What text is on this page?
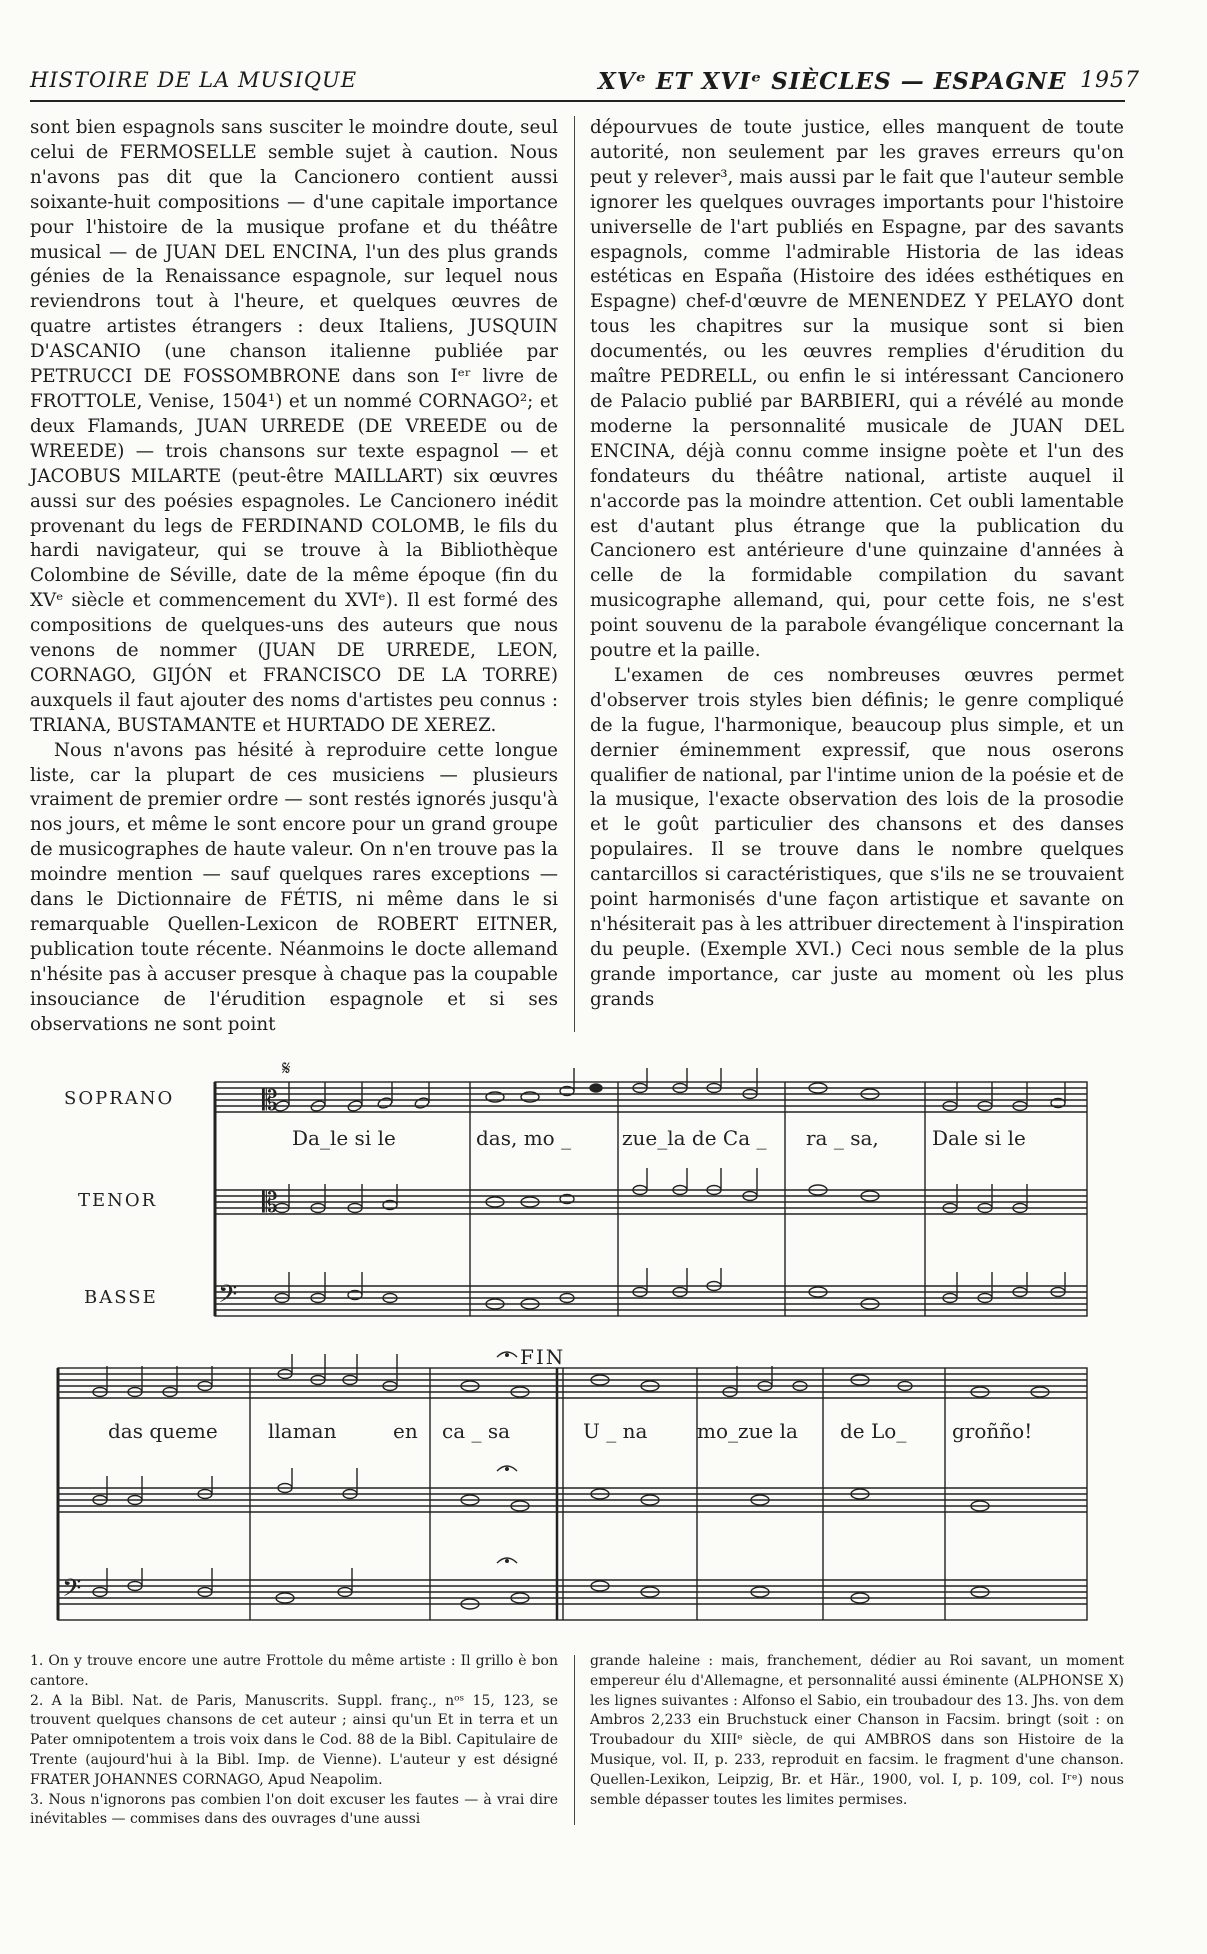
HISTOIRE DE LA MUSIQUE	XVᵉ ET XVIᵉ SIÈCLES — ESPAGNE 1957

sont bien espagnols sans susciter le moindre doute, seul celui de FERMOSELLE semble sujet à caution. Nous n'avons pas dit que la Cancionero contient aussi soixante-huit compositions — d'une capitale importance pour l'histoire de la musique profane et du théâtre musical — de JUAN DEL ENCINA, l'un des plus grands génies de la Renaissance espagnole, sur lequel nous reviendrons tout à l'heure, et quelques œuvres de quatre artistes étrangers : deux Italiens, JUSQUIN D'ASCANIO (une chanson italienne publiée par PETRUCCI DE FOSSOMBRONE dans son Iᵉʳ livre de FROTTOLE, Venise, 1504¹) et un nommé CORNAGO²; et deux Flamands, JUAN URREDE (DE VREEDE ou de WREEDE) — trois chansons sur texte espagnol — et JACOBUS MILARTE (peut-être MAILLART) six œuvres aussi sur des poésies espagnoles. Le Cancionero inédit provenant du legs de FERDINAND COLOMB, le fils du hardi navigateur, qui se trouve à la Bibliothèque Colombine de Séville, date de la même époque (fin du XVᵉ siècle et commencement du XVIᵉ). Il est formé des compositions de quelques-uns des auteurs que nous venons de nommer (JUAN DE URREDE, LEON, CORNAGO, GIJÓN et FRANCISCO DE LA TORRE) auxquels il faut ajouter des noms d'artistes peu connus : TRIANA, BUSTAMANTE et HURTADO DE XEREZ.

Nous n'avons pas hésité à reproduire cette longue liste, car la plupart de ces musiciens — plusieurs vraiment de premier ordre — sont restés ignorés jusqu'à nos jours, et même le sont encore pour un grand groupe de musicographes de haute valeur. On n'en trouve pas la moindre mention — sauf quelques rares exceptions — dans le Dictionnaire de FÉTIS, ni même dans le si remarquable Quellen-Lexicon de ROBERT EITNER, publication toute récente. Néanmoins le docte allemand n'hésite pas à accuser presque à chaque pas la coupable insouciance de l'érudition espagnole et si ses observations ne sont point

dépourvues de toute justice, elles manquent de toute autorité, non seulement par les graves erreurs qu'on peut y relever³, mais aussi par le fait que l'auteur semble ignorer les quelques ouvrages importants pour l'histoire universelle de l'art publiés en Espagne, par des savants espagnols, comme l'admirable Historia de las ideas estéticas en España (Histoire des idées esthétiques en Espagne) chef-d'œuvre de MENENDEZ Y PELAYO dont tous les chapitres sur la musique sont si bien documentés, ou les œuvres remplies d'érudition du maître PEDRELL, ou enfin le si intéressant Cancionero de Palacio publié par BARBIERI, qui a révélé au monde moderne la personnalité musicale de JUAN DEL ENCINA, déjà connu comme insigne poète et l'un des fondateurs du théâtre national, artiste auquel il n'accorde pas la moindre attention. Cet oubli lamentable est d'autant plus étrange que la publication du Cancionero est antérieure d'une quinzaine d'années à celle de la formidable compilation du savant musicographe allemand, qui, pour cette fois, ne s'est point souvenu de la parabole évangélique concernant la poutre et la paille.

L'examen de ces nombreuses œuvres permet d'observer trois styles bien définis; le genre compliqué de la fugue, l'harmonique, beaucoup plus simple, et un dernier éminemment expressif, que nous oserons qualifier de national, par l'intime union de la poésie et de la musique, l'exacte observation des lois de la prosodie et le goût particulier des chansons et des danses populaires. Il se trouve dans le nombre quelques cantarcillos si caractéristiques, que s'ils ne se trouvaient point harmonisés d'une façon artistique et savante on n'hésiterait pas à les attribuer directement à l'inspiration du peuple. (Exemple XVI.) Ceci nous semble de la plus grande importance, car juste au moment où les plus grands

𝄡
𝄡
𝄢
𝄋
SOPRANO
TENOR
BASSE
Da_le si le	das, mo _	zue_la de Ca _ ra _ sa,	Dale si le
𝄢
FIN
das queme	llaman	en ca _ sa	U _ na mo_zue la de Lo_ groñño!

1. On y trouve encore une autre Frottole du même artiste : Il grillo è bon cantore.

2. A la Bibl. Nat. de Paris, Manuscrits. Suppl. franç., nᵒˢ 15, 123, se trouvent quelques chansons de cet auteur ; ainsi qu'un Et in terra et un Pater omnipotentem a trois voix dans le Cod. 88 de la Bibl. Capitulaire de Trente (aujourd'hui à la Bibl. Imp. de Vienne). L'auteur y est désigné FRATER JOHANNES CORNAGO, Apud Neapolim.

3. Nous n'ignorons pas combien l'on doit excuser les fautes — à vrai dire inévitables — commises dans des ouvrages d'une aussi

grande haleine : mais, franchement, dédier au Roi savant, un moment empereur élu d'Allemagne, et personnalité aussi éminente (ALPHONSE X) les lignes suivantes : Alfonso el Sabio, ein troubadour des 13. Jhs. von dem Ambros 2,233 ein Bruchstuck einer Chanson in Facsim. bringt (soit : on Troubadour du XIIIᵉ siècle, de qui AMBROS dans son Histoire de la Musique, vol. II, p. 233, reproduit en facsim. le fragment d'une chanson. Quellen-Lexikon, Leipzig, Br. et Här., 1900, vol. I, p. 109, col. Iʳᵉ) nous semble dépasser toutes les limites permises.
